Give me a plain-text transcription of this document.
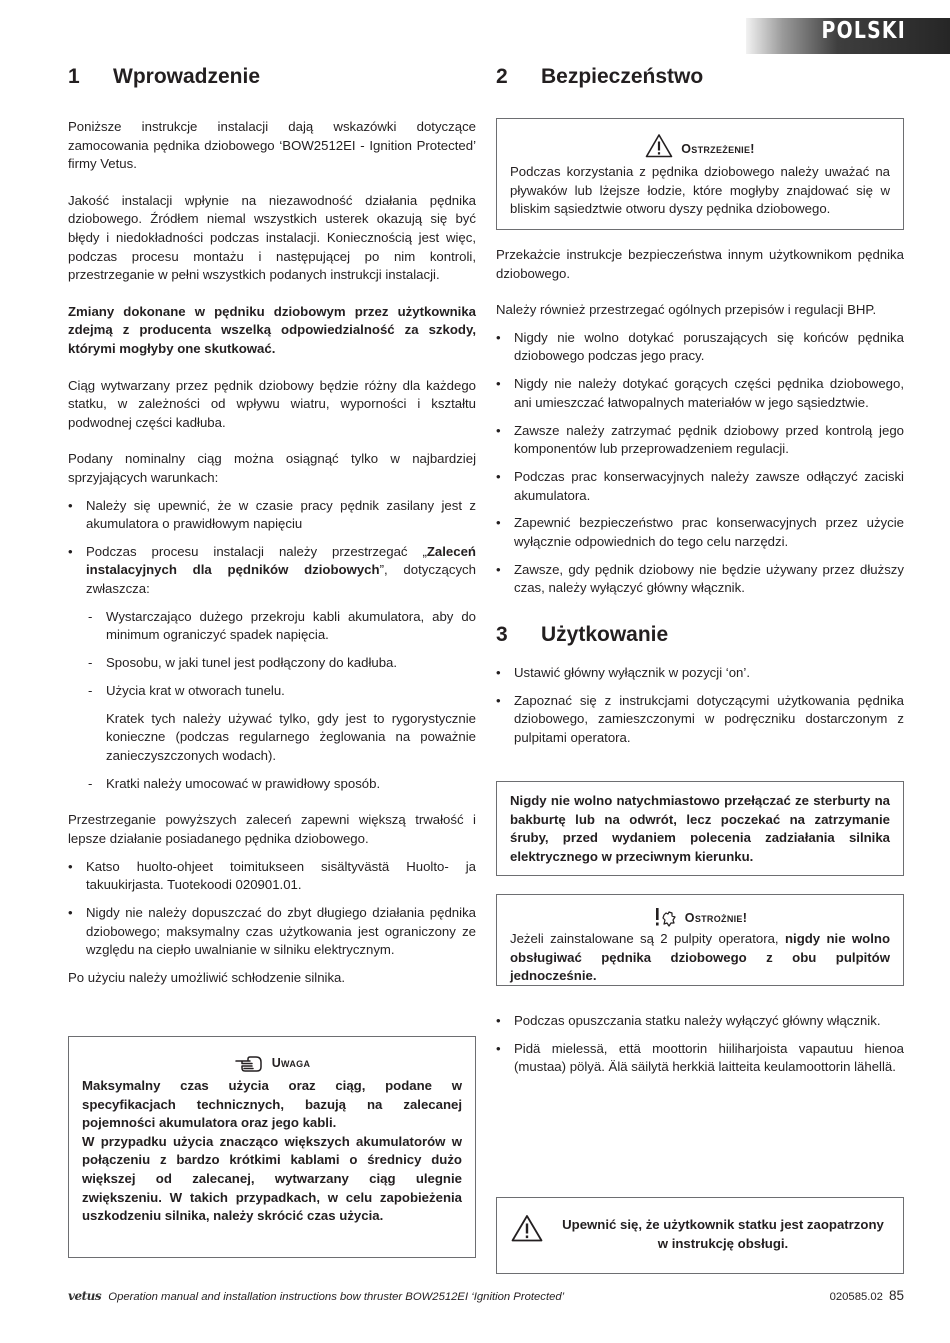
POLSKI
1 Wprowadzenie

Poniższe instrukcje instalacji dają wskazówki dotyczące zamocowania pędnika dziobowego ‘BOW2512EI - Ignition Protected’ firmy Vetus.

Jakość instalacji wpłynie na niezawodność działania pędnika dziobowego. Źródłem niemal wszystkich usterek okazują się być błędy i niedokładności podczas instalacji. Koniecznością jest więc, podczas procesu montażu i następującej po nim kontroli, przestrzeganie w pełni wszystkich podanych instrukcji instalacji.

Zmiany dokonane w pędniku dziobowym przez użytkownika zdejmą z producenta wszelką odpowiedzialność za szkody, którymi mogłyby one skutkować.

Ciąg wytwarzany przez pędnik dziobowy będzie różny dla każdego statku, w zależności od wpływu wiatru, wyporności i kształtu podwodnej części kadłuba.

Podany nominalny ciąg można osiągnąć tylko w najbardziej sprzyjających warunkach:

• Należy się upewnić, że w czasie pracy pędnik zasilany jest z akumulatora o prawidłowym napięciu
• Podczas procesu instalacji należy przestrzegać „Zaleceń instalacyjnych dla pędników dziobowych”, dotyczących zwłaszcza:
- Wystarczająco dużego przekroju kabli akumulatora, aby do minimum ograniczyć spadek napięcia.
- Sposobu, w jaki tunel jest podłączony do kadłuba.
- Użycia krat w otworach tunelu.

Kratek tych należy używać tylko, gdy jest to rygorystycznie konieczne (podczas regularnego żeglowania na poważnie zanieczyszczonych wodach).

- Kratki należy umocować w prawidłowy sposób.

Przestrzeganie powyższych zaleceń zapewni większą trwałość i lepsze działanie posiadanego pędnika dziobowego.

• Katso huolto-ohjeet toimitukseen sisältyvästä Huolto- ja takuukirjasta. Tuotekoodi 020901.01.
• Nigdy nie należy dopuszczać do zbyt długiego działania pędnika dziobowego; maksymalny czas użytkowania jest ograniczony ze względu na ciepło uwalnianie w silniku elektrycznym.

Po użyciu należy umożliwić schłodzenie silnika.

Uwaga

Maksymalny czas użycia oraz ciąg, podane w specyfikacjach technicznych, bazują na zalecanej pojemności akumulatora oraz jego kabli.

W przypadku użycia znacząco większych akumulatorów w połączeniu z bardzo krótkimi kablami o średnicy dużo większej od zalecanej, wytwarzany ciąg ulegnie zwiększeniu. W takich przypadkach, w celu zapobieżenia uszkodzeniu silnika, należy skrócić czas użycia.

2 Bezpieczeństwo
Ostrzeżenie!

Podczas korzystania z pędnika dziobowego należy uważać na pływaków lub lżejsze łodzie, które mogłyby znajdować się w bliskim sąsiedztwie otworu dyszy pędnika dziobowego.

Przekażcie instrukcje bezpieczeństwa innym użytkownikom pędnika dziobowego.

Należy również przestrzegać ogólnych przepisów i regulacji BHP.

• Nigdy nie wolno dotykać poruszających się końców pędnika dziobowego podczas jego pracy.
• Nigdy nie należy dotykać gorących części pędnika dziobowego, ani umieszczać łatwopalnych materiałów w jego sąsiedztwie.
• Zawsze należy zatrzymać pędnik dziobowy przed kontrolą jego komponentów lub przeprowadzeniem regulacji.
• Podczas prac konserwacyjnych należy zawsze odłączyć zaciski akumulatora.
• Zapewnić bezpieczeństwo prac konserwacyjnych przez użycie wyłącznie odpowiednich do tego celu narzędzi.
• Zawsze, gdy pędnik dziobowy nie będzie używany przez dłuższy czas, należy wyłączyć główny włącznik.
3 Użytkowanie
• Ustawić główny wyłącznik w pozycji ‘on’.
• Zapoznać się z instrukcjami dotyczącymi użytkowania pędnika dziobowego, zamieszczonymi w podręczniku dostarczonym z pulpitami operatora.

Nigdy nie wolno natychmiastowo przełączać ze sterburty na bakburtę lub na odwrót, lecz poczekać na zatrzymanie śruby, przed wydaniem polecenia zadziałania silnika elektrycznego w przeciwnym kierunku.

Ostrożnie!

Jeżeli zainstalowane są 2 pulpity operatora, nigdy nie wolno obsługiwać pędnika dziobowego z obu pulpitów jednocześnie.

• Podczas opuszczania statku należy wyłączyć główny włącznik.
• Pidä mielessä, että moottorin hiiliharjoista vapautuu hienoa (mustaa) pölyä. Älä säilytä herkkiä laitteita keulamoottorin lähellä.

Upewnić się, że użytkownik statku jest zaopatrzony w instrukcję obsługi.

vetus Operation manual and installation instructions bow thruster BOW2512EI ‘Ignition Protected’	020585.02 85
